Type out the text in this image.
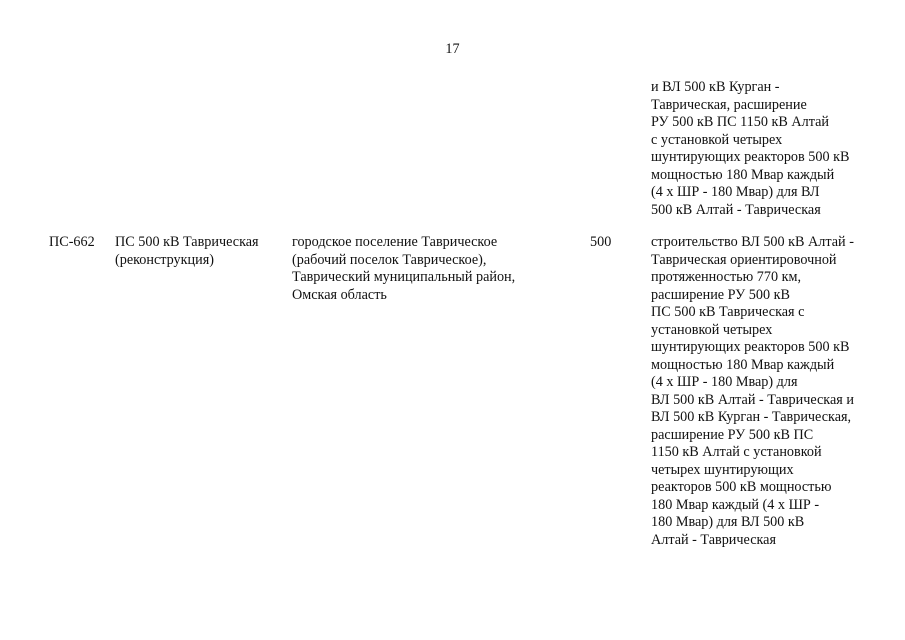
17
и ВЛ 500 кВ Курган -
Таврическая, расширение
РУ 500 кВ ПС 1150 кВ Алтай
с установкой четырех
шунтирующих реакторов 500 кВ
мощностью 180 Мвар каждый
(4 х ШР - 180 Мвар) для ВЛ
500 кВ Алтай - Таврическая
ПС-662	ПС 500 кВ Таврическая
(реконструкция)
городское поселение Таврическое
(рабочий поселок Таврическое),
Таврический муниципальный район,
Омская область
500	строительство ВЛ 500 кВ Алтай -
Таврическая ориентировочной
протяженностью 770 км,
расширение РУ 500 кВ
ПС 500 кВ Таврическая с
установкой четырех
шунтирующих реакторов 500 кВ
мощностью 180 Мвар каждый
(4 х ШР - 180 Мвар) для
ВЛ 500 кВ Алтай - Таврическая и
ВЛ 500 кВ Курган - Таврическая,
расширение РУ 500 кВ ПС
1150 кВ Алтай с установкой
четырех шунтирующих
реакторов 500 кВ мощностью
180 Мвар каждый (4 х ШР -
180 Мвар) для ВЛ 500 кВ
Алтай - Таврическая
